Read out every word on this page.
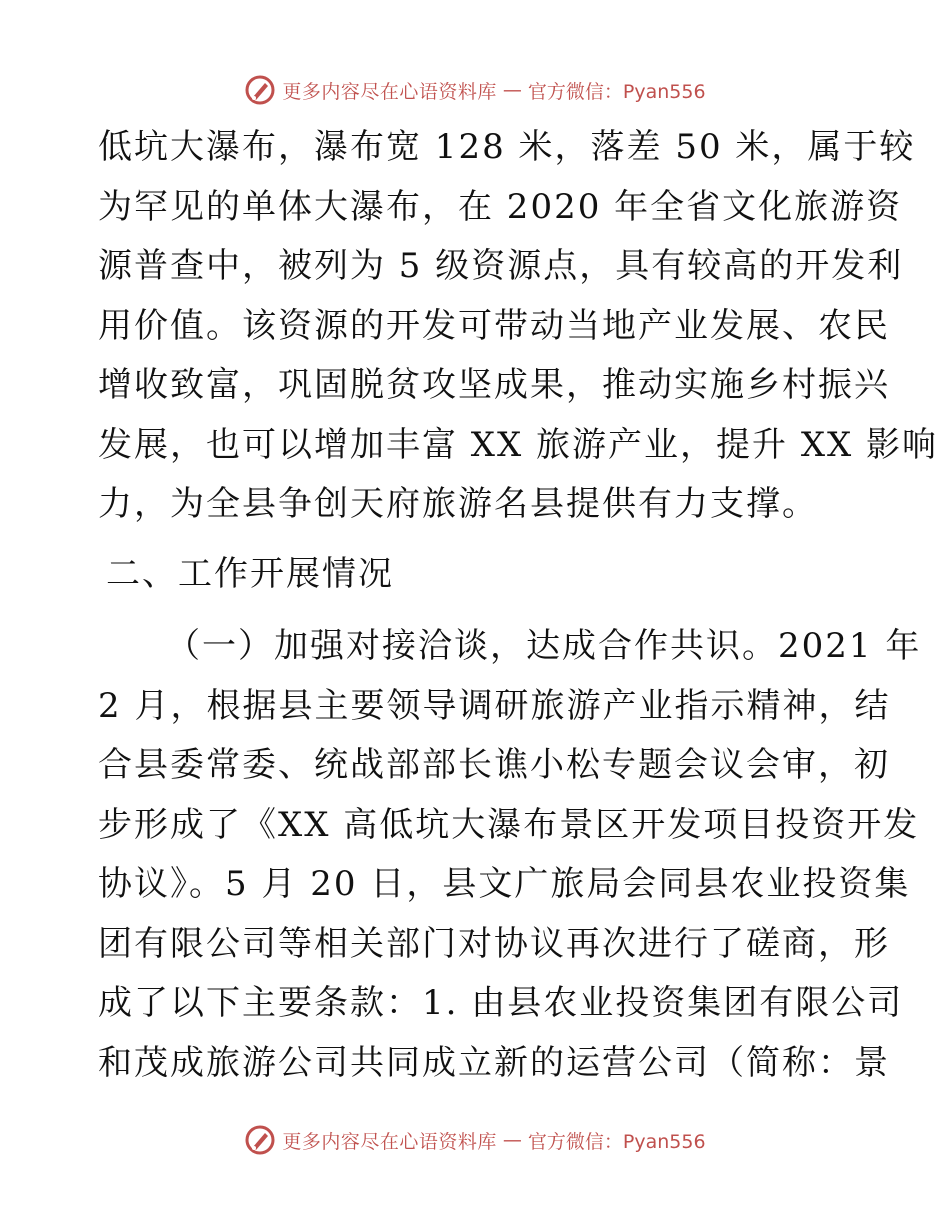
更多内容尽在心语资料库 — 官方微信：Pyan556
低坑大瀑布，瀑布宽 128 米，落差 50 米，属于较
为罕见的单体大瀑布，在 2020 年全省文化旅游资
源普查中，被列为 5 级资源点，具有较高的开发利
用价值。该资源的开发可带动当地产业发展、农民
增收致富，巩固脱贫攻坚成果，推动实施乡村振兴
发展，也可以增加丰富 XX 旅游产业，提升 XX 影响
力，为全县争创天府旅游名县提供有力支撑。
二、工作开展情况
（一）加强对接洽谈，达成合作共识。2021 年
2 月，根据县主要领导调研旅游产业指示精神，结
合县委常委、统战部部长谯小松专题会议会审，初
步形成了《XX 高低坑大瀑布景区开发项目投资开发
协议》。5 月 20 日，县文广旅局会同县农业投资集
团有限公司等相关部门对协议再次进行了磋商，形
成了以下主要条款：1. 由县农业投资集团有限公司
和茂成旅游公司共同成立新的运营公司（简称：景
更多内容尽在心语资料库 — 官方微信：Pyan556
